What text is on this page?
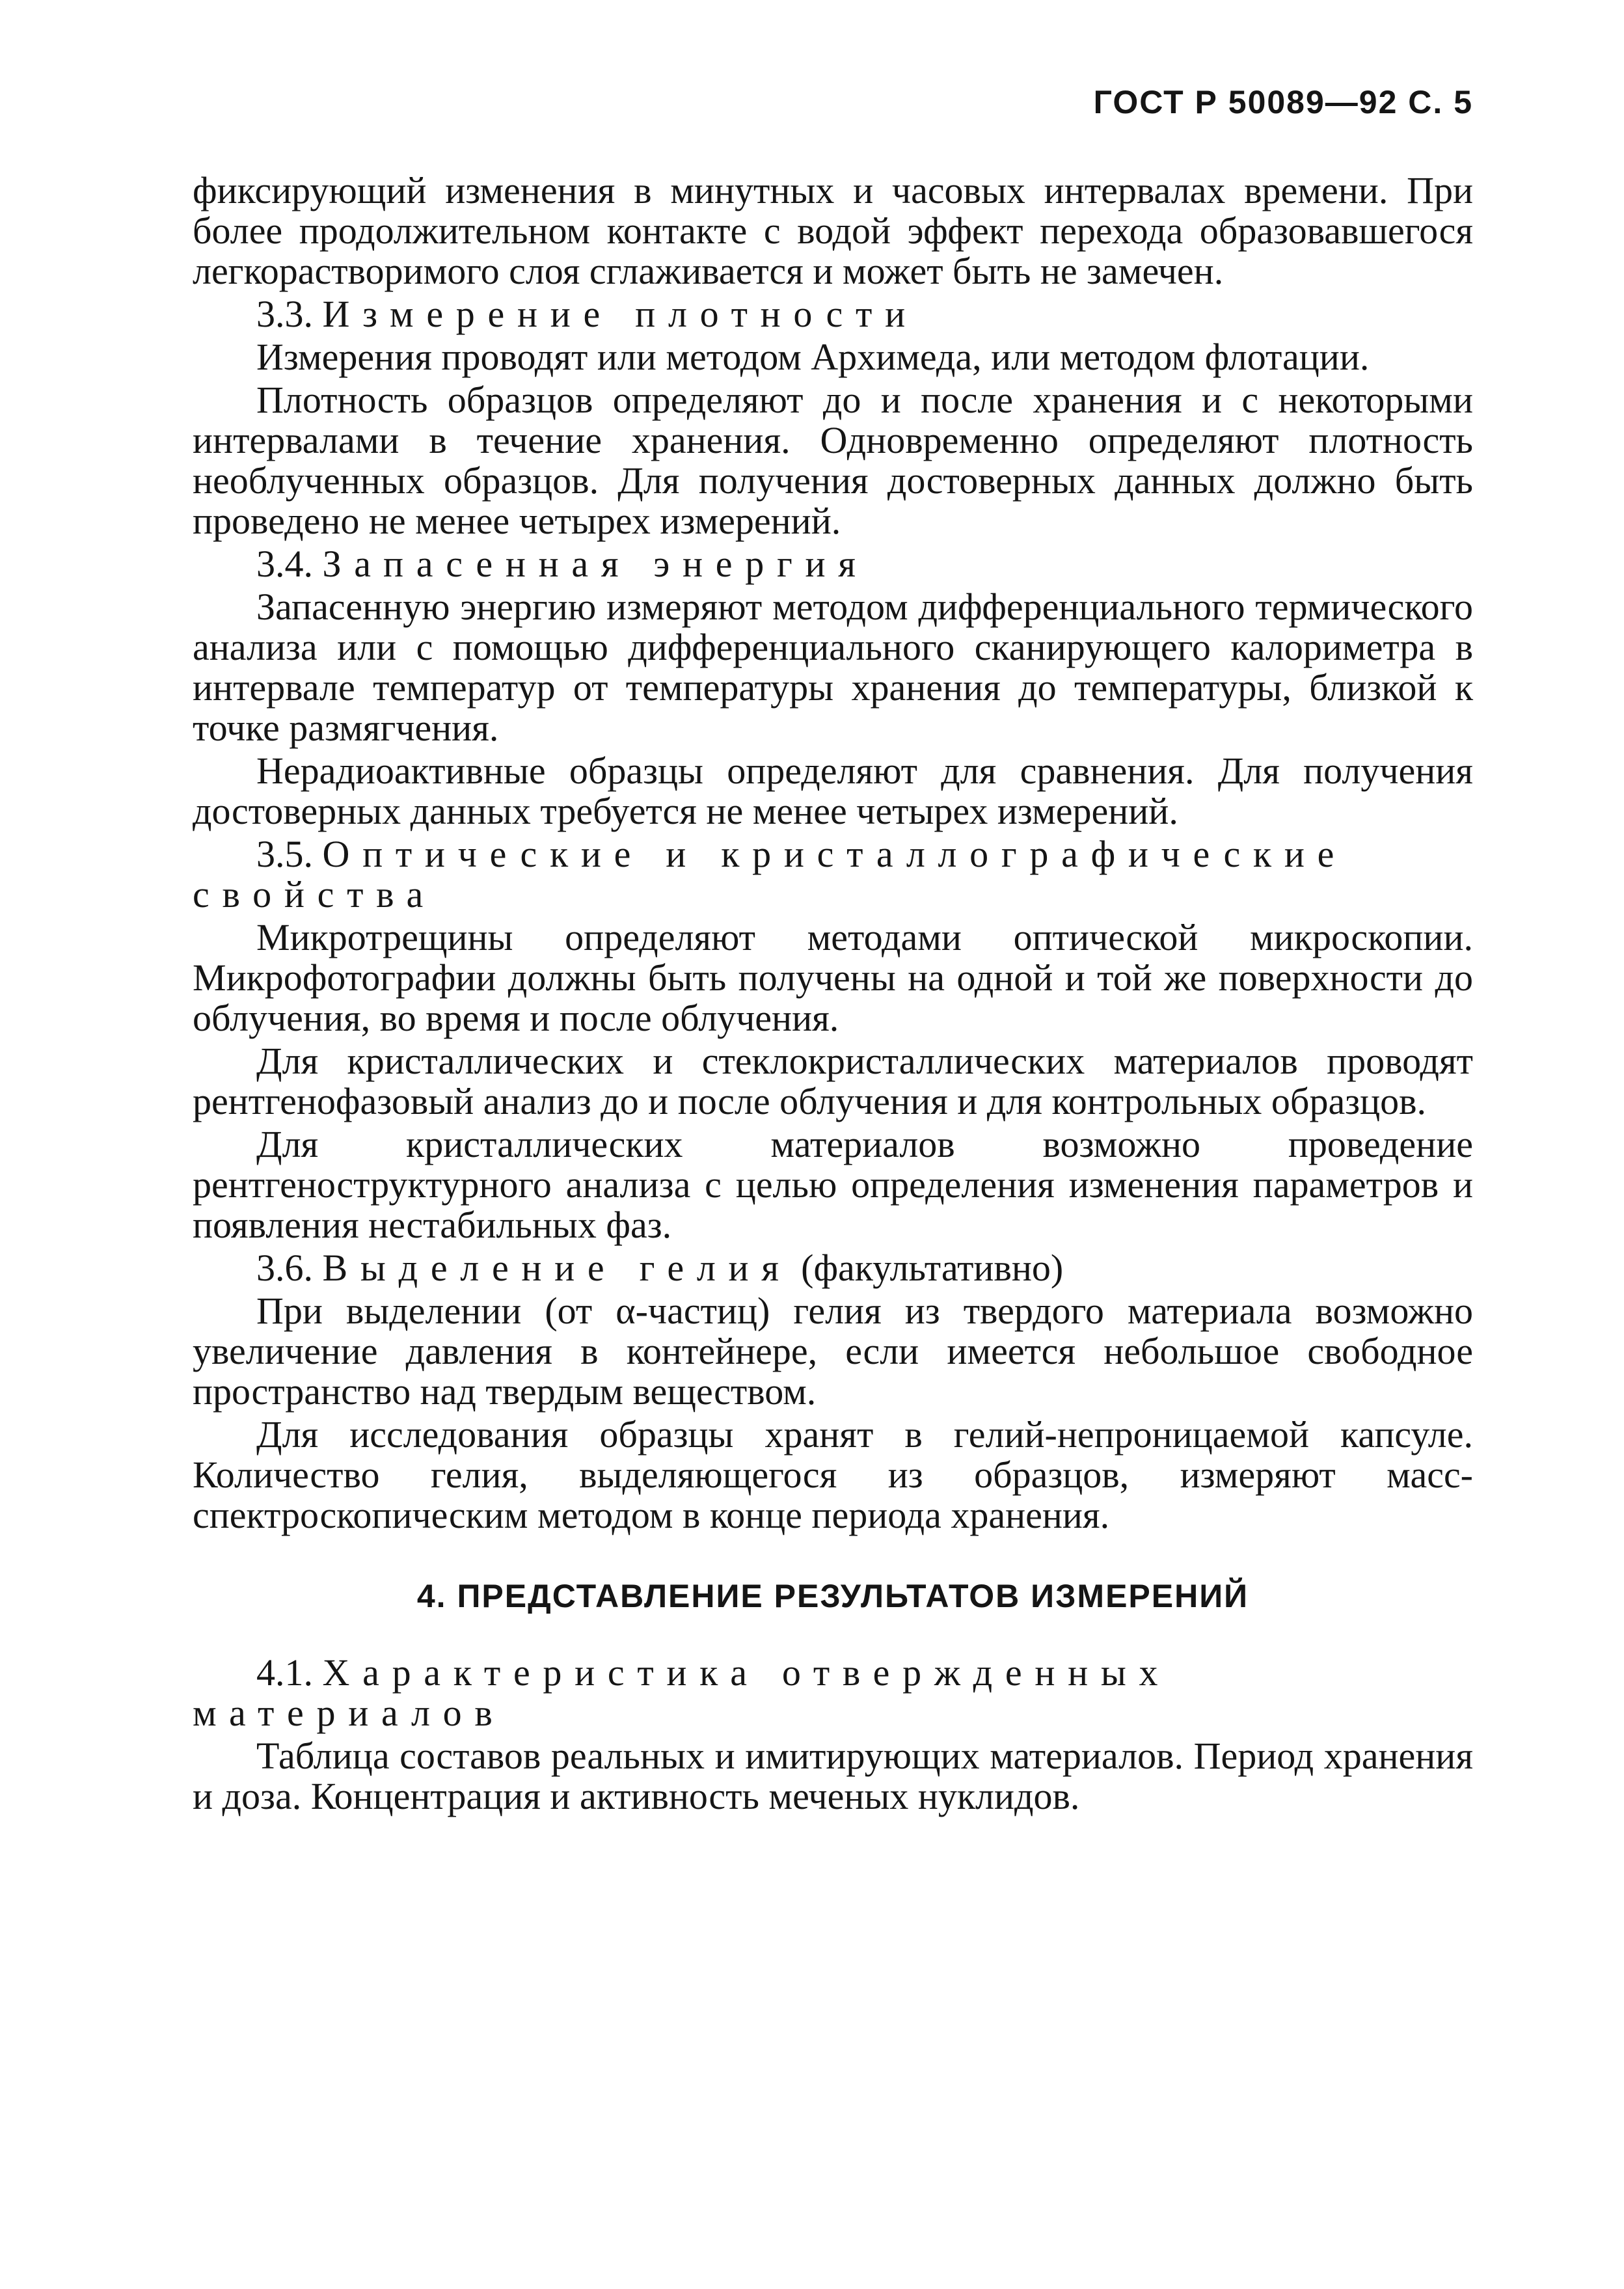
ГОСТ Р 50089—92 С. 5

фиксирующий изменения в минутных и часовых интервалах времени. При более продолжительном контакте с водой эффект перехода образовавшегося легкорастворимого слоя сглаживается и может быть не замечен.

3.3. Измерение плотности

Измерения проводят или методом Архимеда, или методом флотации.

Плотность образцов определяют до и после хранения и с некоторыми интервалами в течение хранения. Одновременно определяют плотность необлученных образцов. Для получения достоверных данных должно быть проведено не менее четырех измерений.

3.4. Запасенная энергия

Запасенную энергию измеряют методом дифференциального термического анализа или с помощью дифференциального сканирующего калориметра в интервале температур от температуры хранения до температуры, близкой к точке размягчения.

Нерадиоактивные образцы определяют для сравнения. Для получения достоверных данных требуется не менее четырех измерений.

3.5. Оптические и кристаллографические свойства

Микротрещины определяют методами оптической микроскопии. Микрофотографии должны быть получены на одной и той же поверхности до облучения, во время и после облучения.

Для кристаллических и стеклокристаллических материалов проводят рентгенофазовый анализ до и после облучения и для контрольных образцов.

Для кристаллических материалов возможно проведение рентгеноструктурного анализа с целью определения изменения параметров и появления нестабильных фаз.

3.6. Выделение гелия (факультативно)

При выделении (от α-частиц) гелия из твердого материала возможно увеличение давления в контейнере, если имеется небольшое свободное пространство над твердым веществом.

Для исследования образцы хранят в гелий-непроницаемой капсуле. Количество гелия, выделяющегося из образцов, измеряют масс-спектроскопическим методом в конце периода хранения.

4. ПРЕДСТАВЛЕНИЕ РЕЗУЛЬТАТОВ ИЗМЕРЕНИЙ

4.1. Характеристика отвержденных материалов

Таблица составов реальных и имитирующих материалов. Период хранения и доза. Концентрация и активность меченых нуклидов.
